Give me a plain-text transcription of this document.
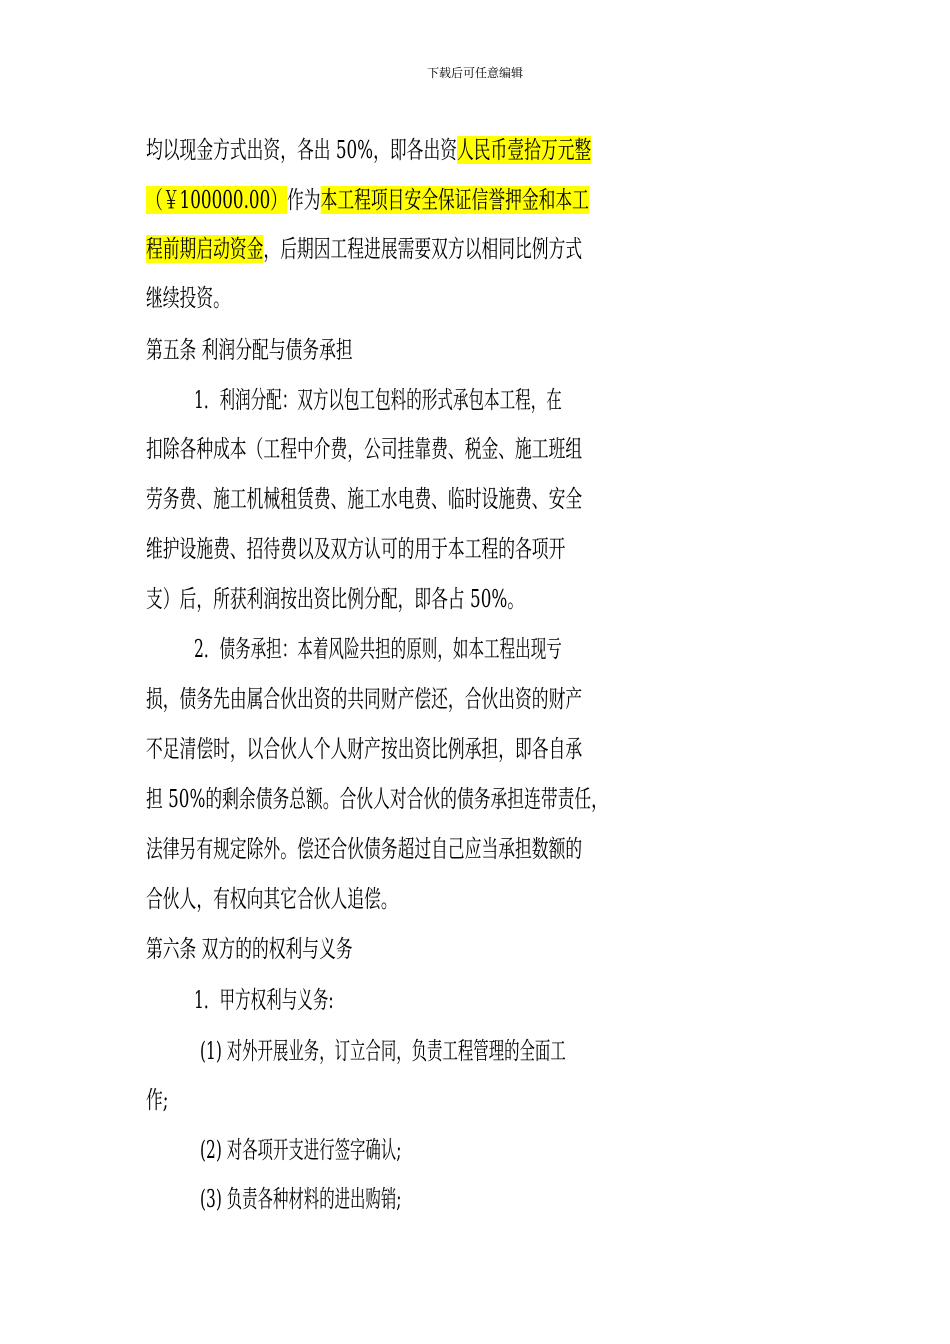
下载后可任意编辑
均以现金方式出资，各出 50%，即各出资人民币壹拾万元整
（￥100000.00）作为本工程项目安全保证信誉押金和本工
程前期启动资金，后期因工程进展需要双方以相同比例方式
继续投资。
第五条 利润分配与债务承担
1．利润分配：双方以包工包料的形式承包本工程，在
扣除各种成本（工程中介费，公司挂靠费、税金、施工班组
劳务费、施工机械租赁费、施工水电费、临时设施费、安全
维护设施费、招待费以及双方认可的用于本工程的各项开
支）后，所获利润按出资比例分配，即各占 50%。
2．债务承担：本着风险共担的原则，如本工程出现亏
损，债务先由属合伙出资的共同财产偿还，合伙出资的财产
不足清偿时，以合伙人个人财产按出资比例承担，即各自承
担 50%的剩余债务总额。合伙人对合伙的债务承担连带责任，
法律另有规定除外。偿还合伙债务超过自己应当承担数额的
合伙人，有权向其它合伙人追偿。
第六条 双方的的权利与义务
1．甲方权利与义务:
(1) 对外开展业务，订立合同，负责工程管理的全面工
作;
(2) 对各项开支进行签字确认;
(3) 负责各种材料的进出购销;
